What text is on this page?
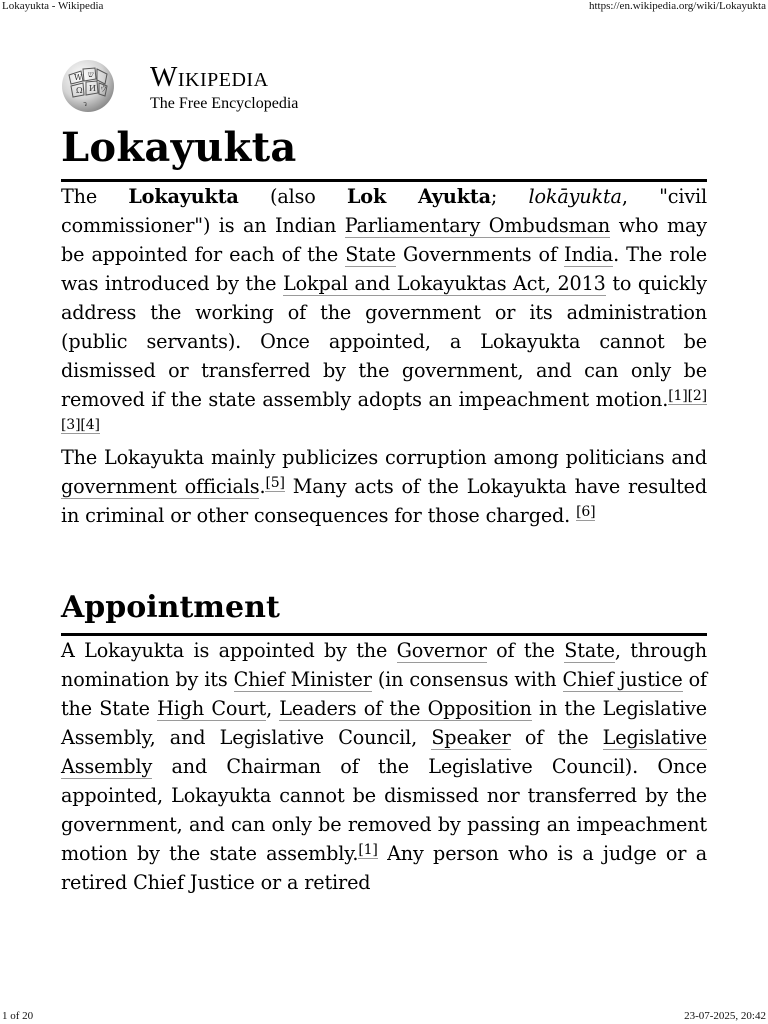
Lokayukta - Wikipedia	https://en.wikipedia.org/wiki/Lokayukta
W ש
Ω И ウ
ว
Wikipedia
The Free Encyclopedia
Lokayukta

The Lokayukta (also Lok Ayukta; lokāyukta, "civil commissioner") is an Indian Parliamentary Ombudsman who may be appointed for each of the State Governments of India. The role was introduced by the Lokpal and Lokayuktas Act, 2013 to quickly address the working of the government or its administration (public servants). Once appointed, a Lokayukta cannot be dismissed or transferred by the government, and can only be removed if the state assembly adopts an impeachment motion.[1][2][3][4]

The Lokayukta mainly publicizes corruption among politicians and government officials.[5] Many acts of the Lokayukta have resulted in criminal or other consequences for those charged. [6]

Appointment

A Lokayukta is appointed by the Governor of the State, through nomination by its Chief Minister (in consensus with Chief justice of the State High Court, Leaders of the Opposition in the Legislative Assembly, and Legislative Council, Speaker of the Legislative Assembly and Chairman of the Legislative Council). Once appointed, Lokayukta cannot be dismissed nor transferred by the government, and can only be removed by passing an impeachment motion by the state assembly.[1] Any person who is a judge or a retired Chief Justice or a retired

1 of 20	23-07-2025, 20:42
